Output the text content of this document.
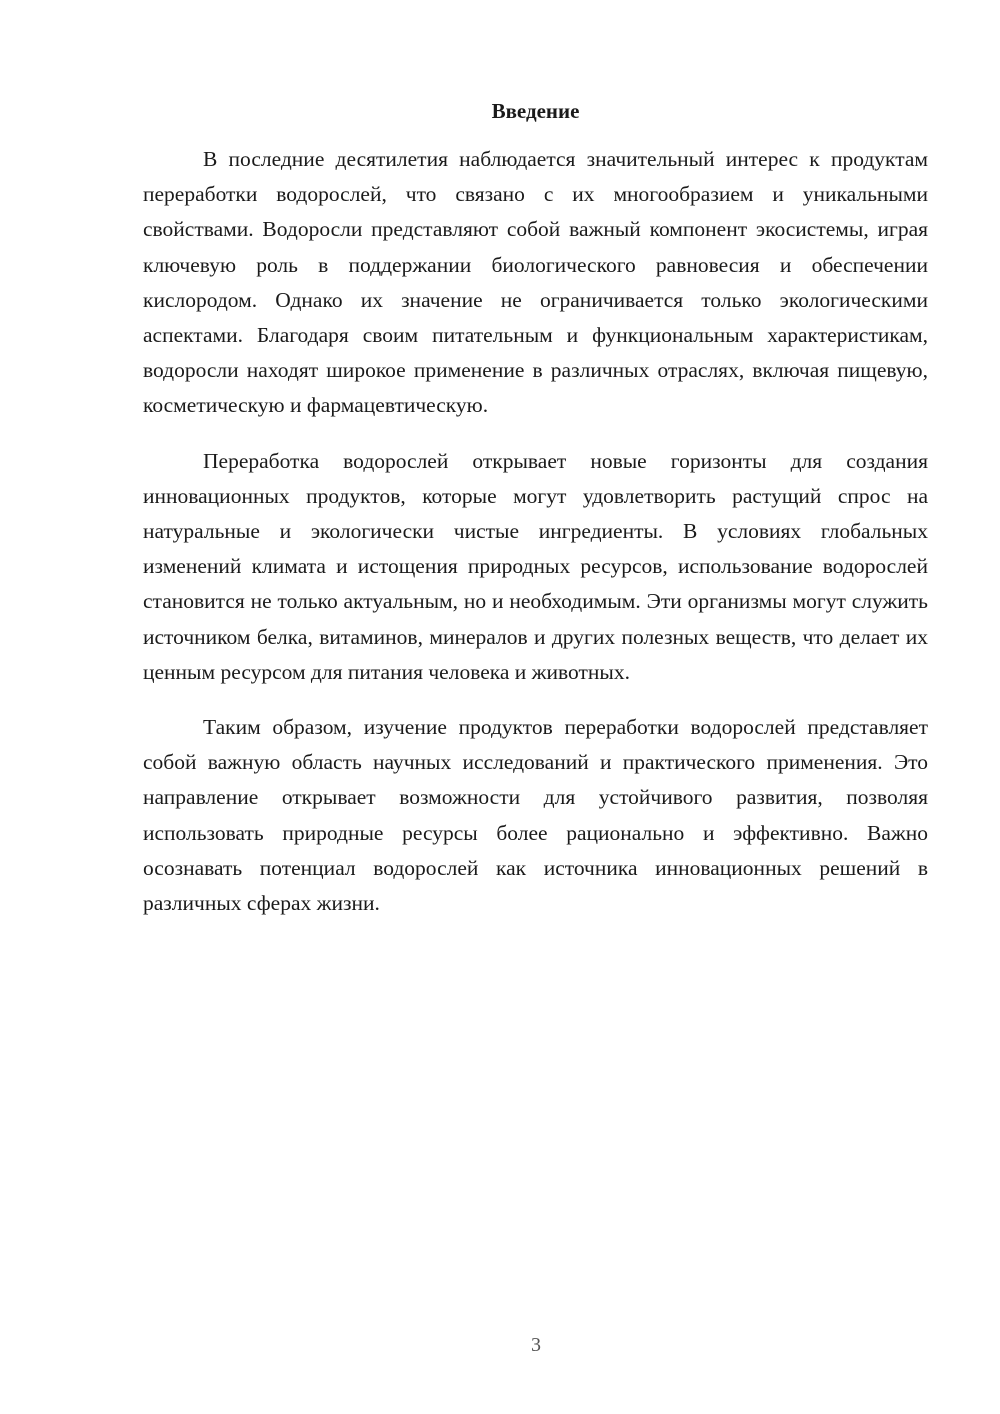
Введение

В последние десятилетия наблюдается значительный интерес к продуктам переработки водорослей, что связано с их многообразием и уникальными свойствами. Водоросли представляют собой важный компонент экосистемы, играя ключевую роль в поддержании биологического равновесия и обеспечении кислородом. Однако их значение не ограничивается только экологическими аспектами. Благодаря своим питательным и функциональным характеристикам, водоросли находят широкое применение в различных отраслях, включая пищевую, косметическую и фармацевтическую.

Переработка водорослей открывает новые горизонты для создания инновационных продуктов, которые могут удовлетворить растущий спрос на натуральные и экологически чистые ингредиенты. В условиях глобальных изменений климата и истощения природных ресурсов, использование водорослей становится не только актуальным, но и необходимым. Эти организмы могут служить источником белка, витаминов, минералов и других полезных веществ, что делает их ценным ресурсом для питания человека и животных.

Таким образом, изучение продуктов переработки водорослей представляет собой важную область научных исследований и практического применения. Это направление открывает возможности для устойчивого развития, позволяя использовать природные ресурсы более рационально и эффективно. Важно осознавать потенциал водорослей как источника инновационных решений в различных сферах жизни.

3
